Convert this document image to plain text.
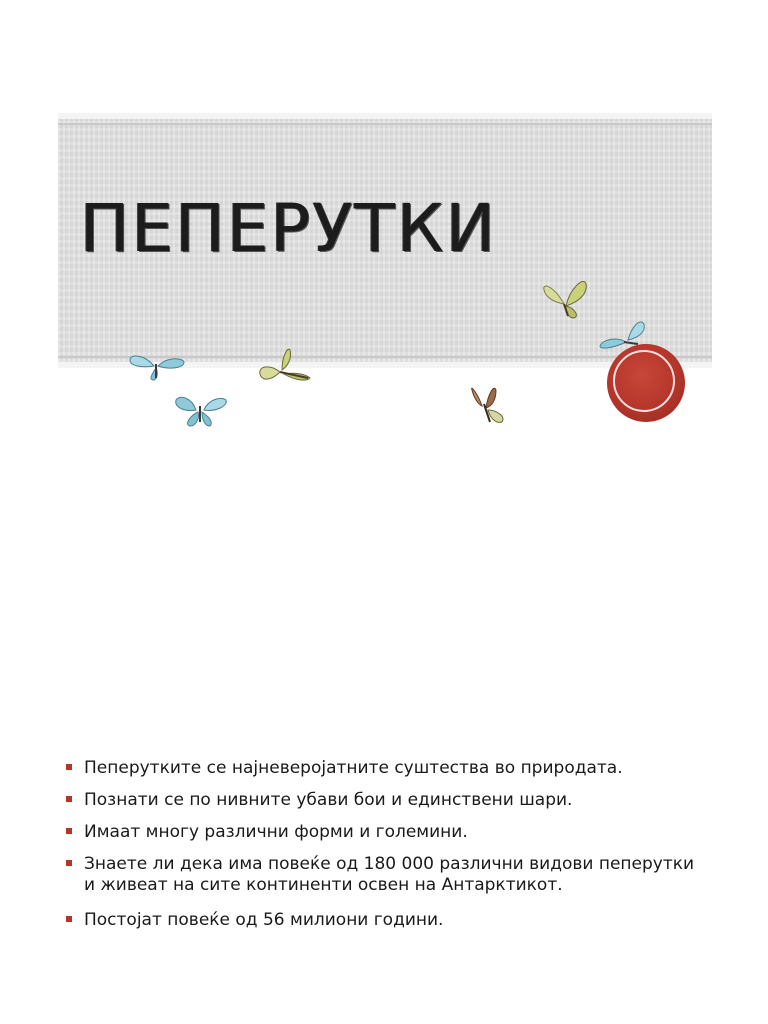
ПЕПЕРУТКИ
Пеперутките се најневеројатните суштества во природата.
Познати се по нивните убави бои и единствени шари.
Имаат многу различни форми и големини.
Знаете ли дека има повеќе од 180 000 различни видови пеперутки и живеат на сите континенти освен на Антарктикот.
Постојат повеќе од 56 милиони години.
